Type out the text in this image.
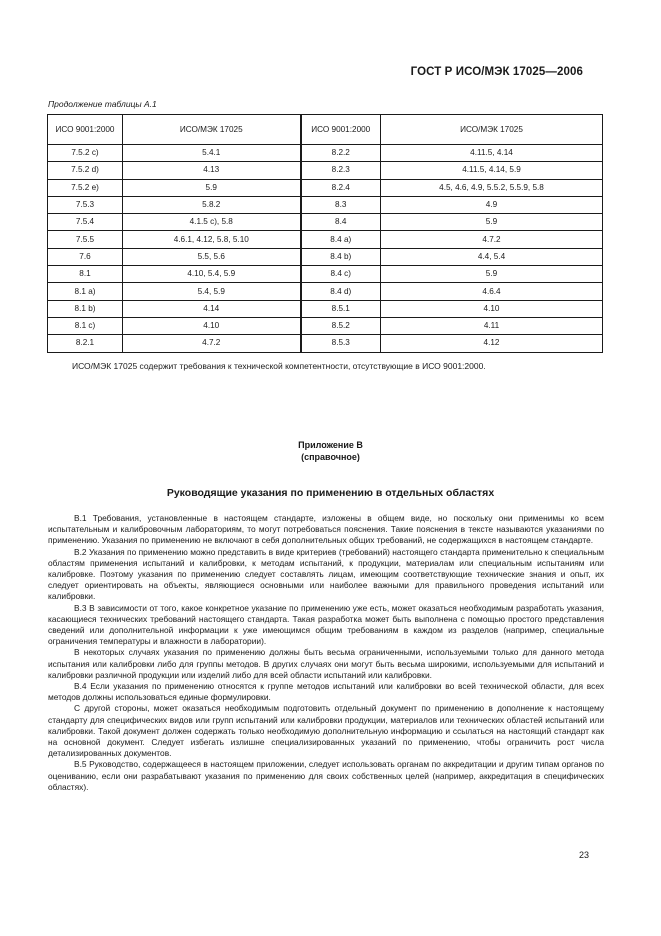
ГОСТ Р ИСО/МЭК 17025—2006
Продолжение таблицы А.1
ИСО 9001:2000	ИСО/МЭК 17025	ИСО 9001:2000	ИСО/МЭК 17025
7.5.2 с)	5.4.1	8.2.2	4.11.5, 4.14
7.5.2 d)	4.13	8.2.3	4.11.5, 4.14, 5.9
7.5.2 е)	5.9	8.2.4	4.5, 4.6, 4.9, 5.5.2, 5.5.9, 5.8
7.5.3	5.8.2	8.3	4.9
7.5.4	4.1.5 с), 5.8	8.4	5.9
7.5.5	4.6.1, 4.12, 5.8, 5.10	8.4 а)	4.7.2
7.6	5.5, 5.6	8.4 b)	4.4, 5.4
8.1	4.10, 5.4, 5.9	8.4 с)	5.9
8.1 а)	5.4, 5.9	8.4 d)	4.6.4
8.1 b)	4.14	8.5.1	4.10
8.1 с)	4.10	8.5.2	4.11
8.2.1	4.7.2	8.5.3	4.12
ИСО/МЭК 17025 содержит требования к технической компетентности, отсутствующие в ИСО 9001:2000.
Приложение В
(справочное)
Руководящие указания по применению в отдельных областях

В.1 Требования, установленные в настоящем стандарте, изложены в общем виде, но поскольку они применимы ко всем испытательным и калибровочным лабораториям, то могут потребоваться пояснения. Такие пояснения в тексте называются указаниями по применению. Указания по применению не включают в себя дополнительных общих требований, не содержащихся в настоящем стандарте.

В.2 Указания по применению можно представить в виде критериев (требований) настоящего стандарта применительно к специальным областям применения испытаний и калибровки, к методам испытаний, к продукции, материалам или специальным испытаниям или калибровке. Поэтому указания по применению следует составлять лицам, имеющим соответствующие технические знания и опыт, их следует ориентировать на объекты, являющиеся основными или наиболее важными для правильного проведения испытаний или калибровки.

В.3 В зависимости от того, какое конкретное указание по применению уже есть, может оказаться необходимым разработать указания, касающиеся технических требований настоящего стандарта. Такая разработка может быть выполнена с помощью простого представления сведений или дополнительной информации к уже имеющимся общим требованиям в каждом из разделов (например, специальные ограничения температуры и влажности в лаборатории).

В некоторых случаях указания по применению должны быть весьма ограниченными, используемыми только для данного метода испытания или калибровки либо для группы методов. В других случаях они могут быть весьма широкими, используемыми для испытаний и калибровки различной продукции или изделий либо для всей области испытаний или калибровки.

В.4 Если указания по применению относятся к группе методов испытаний или калибровки во всей технической области, для всех методов должны использоваться единые формулировки.

С другой стороны, может оказаться необходимым подготовить отдельный документ по применению в дополнение к настоящему стандарту для специфических видов или групп испытаний или калибровки продукции, материалов или технических областей испытаний или калибровки. Такой документ должен содержать только необходимую дополнительную информацию и ссылаться на настоящий стандарт как на основной документ. Следует избегать излишне специализированных указаний по применению, чтобы ограничить рост числа детализированных документов.

В.5 Руководство, содержащееся в настоящем приложении, следует использовать органам по аккредитации и другим типам органов по оцениванию, если они разрабатывают указания по применению для своих собственных целей (например, аккредитация в специфических областях).

23
